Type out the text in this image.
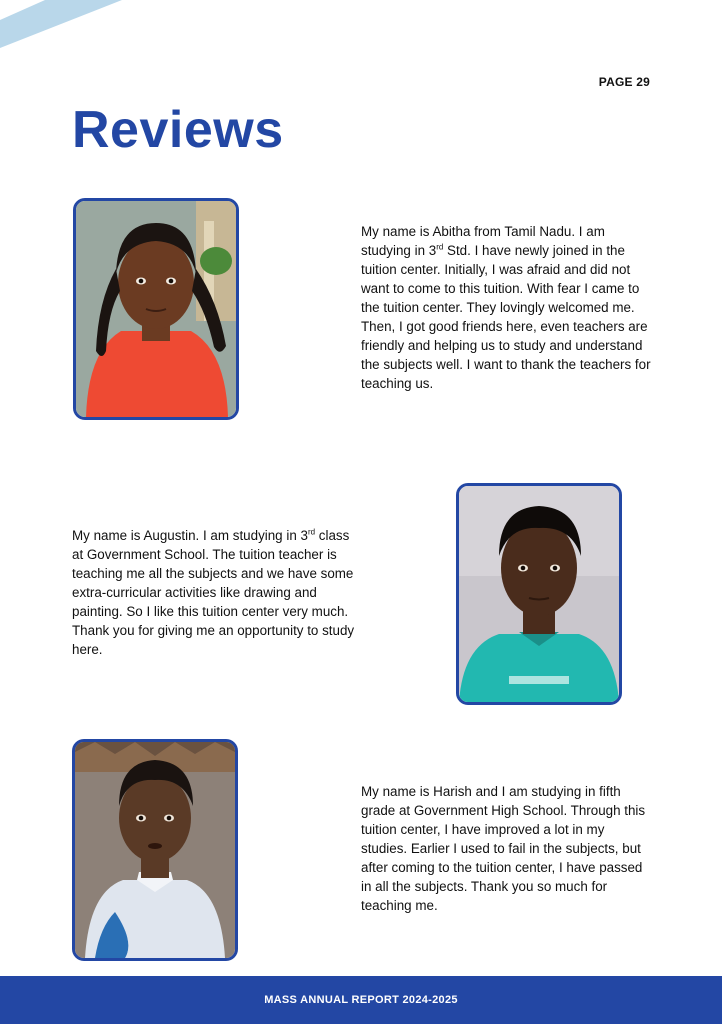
PAGE 29
Reviews

My name is Abitha from Tamil Nadu. I am studying in 3rd Std. I have newly joined in the tuition center. Initially, I was afraid and did not want to come to this tuition. With fear I came to the tuition center. They lovingly welcomed me. Then, I got good friends here, even teachers are friendly and helping us to study and understand the subjects well. I want to thank the teachers for teaching us.

My name is Augustin. I am studying in 3rd class at Government School. The tuition teacher is teaching me all the subjects and we have some extra-curricular activities like drawing and painting. So I like this tuition center very much. Thank you for giving me an opportunity to study here.

My name is Harish and I am studying in fifth grade at Government High School. Through this tuition center, I have improved a lot in my studies. Earlier I used to fail in the subjects, but after coming to the tuition center, I have passed in all the subjects. Thank you so much for teaching me.

MASS ANNUAL REPORT 2024-2025
